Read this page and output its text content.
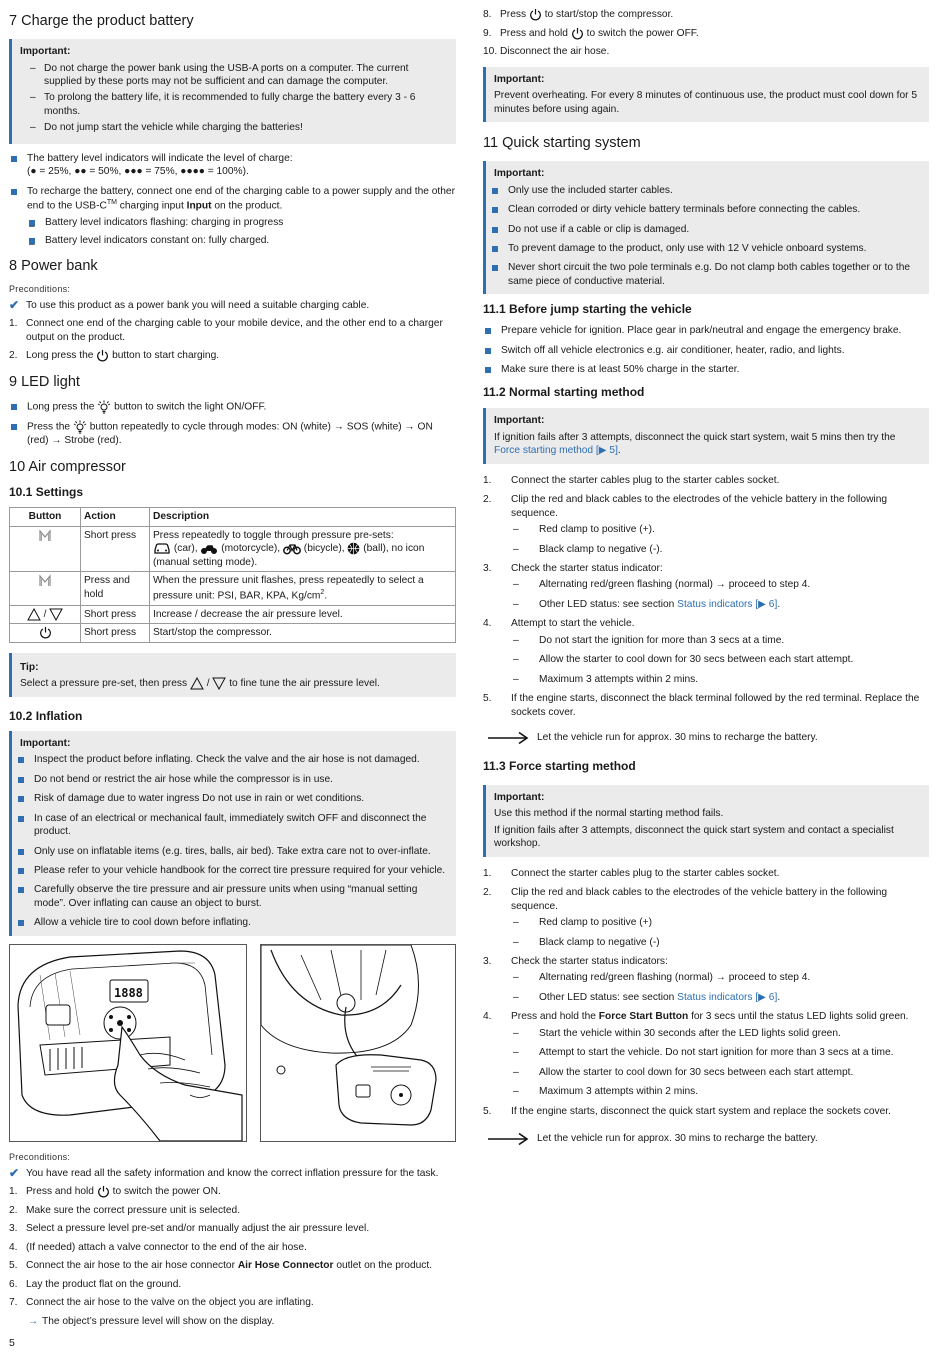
7 Charge the product battery
Important:
– Do not charge the power bank using the USB-A ports on a computer. The current supplied by these ports may not be sufficient and can damage the computer.
– To prolong the battery life, it is recommended to fully charge the battery every 3 - 6 months.
– Do not jump start the vehicle while charging the batteries!
The battery level indicators will indicate the level of charge:
(● = 25%, ●● = 50%, ●●● = 75%, ●●●● = 100%).
To recharge the battery, connect one end of the charging cable to a power supply and the other end to the USB-C™ charging input Input on the product.
– Battery level indicators flashing: charging in progress
– Battery level indicators constant on: fully charged.
8 Power bank
Preconditions:
✔ To use this product as a power bank you will need a suitable charging cable.
1. Connect one end of the charging cable to your mobile device, and the other end to a charger output on the product.
2. Long press the  button to start charging.
9 LED light
Long press the  button to switch the light ON/OFF.
Press the  button repeatedly to cycle through modes: ON (white) → SOS (white) → ON (red) → Strobe (red).
10 Air compressor
10.1 Settings
Button	Action	Description
	Short press	Press repeatedly to toggle through pressure pre-sets:
(car),  (motorcycle),  (bicycle),  (ball), no icon (manual setting mode).
	Press and hold	When the pressure unit flashes, press repeatedly to select a pressure unit: PSI, BAR, KPA, $Kg/cm^2$.
/	Short press	Increase / decrease the air pressure level.
	Short press	Start/stop the compressor.
Tip:
Select a pressure pre-set, then press  /  to fine tune the air pressure level.
10.2 Inflation
Important:
Inspect the product before inflating. Check the valve and the air hose is not damaged.
Do not bend or restrict the air hose while the compressor is in use.
Risk of damage due to water ingress Do not use in rain or wet conditions.
In case of an electrical or mechanical fault, immediately switch OFF and disconnect the product.
Only use on inflatable items (e.g. tires, balls, air bed). Take extra care not to over-inflate.
Please refer to your vehicle handbook for the correct tire pressure required for your vehicle.
Carefully observe the tire pressure and air pressure units when using “manual setting mode”. Over inflating can cause an object to burst.
Allow a vehicle tire to cool down before inflating.
1888
Preconditions:
✔ You have read all the safety information and know the correct inflation pressure for the task.
1. Press and hold  to switch the power ON.
2. Make sure the correct pressure unit is selected.
3. Select a pressure level pre-set and/or manually adjust the air pressure level.
4. (If needed) attach a valve connector to the end of the air hose.
5. Connect the air hose to the air hose connector Air Hose Connector outlet on the product.
6. Lay the product flat on the ground.
7. Connect the air hose to the valve on the object you are inflating.
→ The object’s pressure level will show on the display.
8. Press  to start/stop the compressor.
9. Press and hold  to switch the power OFF.
10. Disconnect the air hose.
Important:

Prevent overheating. For every 8 minutes of continuous use, the product must cool down for 5 minutes before using again.

11 Quick starting system
Important:
Only use the included starter cables.
Clean corroded or dirty vehicle battery terminals before connecting the cables.
Do not use if a cable or clip is damaged.
To prevent damage to the product, only use with 12 V vehicle onboard systems.
Never short circuit the two pole terminals e.g. Do not clamp both cables together or to the same piece of conductive material.
11.1 Before jump starting the vehicle
Prepare vehicle for ignition. Place gear in park/neutral and engage the emergency brake.
Switch off all vehicle electronics e.g. air conditioner, heater, radio, and lights.
Make sure there is at least 50% charge in the starter.
11.2 Normal starting method
Important:

If ignition fails after 3 attempts, disconnect the quick start system, wait 5 mins then try the Force starting method [▶ 5].

1. Connect the starter cables plug to the starter cables socket.
2. Clip the red and black cables to the electrodes of the vehicle battery in the following sequence.
– Red clamp to positive (+).
– Black clamp to negative (-).
3. Check the starter status indicator:
– Alternating red/green flashing (normal) → proceed to step 4.
– Other LED status: see section Status indicators [▶ 6].
4. Attempt to start the vehicle.
– Do not start the ignition for more than 3 secs at a time.
– Allow the starter to cool down for 30 secs between each start attempt.
– Maximum 3 attempts within 2 mins.
5. If the engine starts, disconnect the black terminal followed by the red terminal. Replace the sockets cover.
Let the vehicle run for approx. 30 mins to recharge the battery.
11.3 Force starting method
Important:

Use this method if the normal starting method fails.

If ignition fails after 3 attempts, disconnect the quick start system and contact a specialist workshop.

1. Connect the starter cables plug to the starter cables socket.
2. Clip the red and black cables to the electrodes of the vehicle battery in the following sequence.
– Red clamp to positive (+)
– Black clamp to negative (-)
3. Check the starter status indicators:
– Alternating red/green flashing (normal) → proceed to step 4.
– Other LED status: see section Status indicators [▶ 6].
4. Press and hold the Force Start Button for 3 secs until the status LED lights solid green.
– Start the vehicle within 30 seconds after the LED lights solid green.
– Attempt to start the vehicle. Do not start ignition for more than 3 secs at a time.
– Allow the starter to cool down for 30 secs between each start attempt.
– Maximum 3 attempts within 2 mins.
5. If the engine starts, disconnect the quick start system and replace the sockets cover.
Let the vehicle run for approx. 30 mins to recharge the battery.
5
